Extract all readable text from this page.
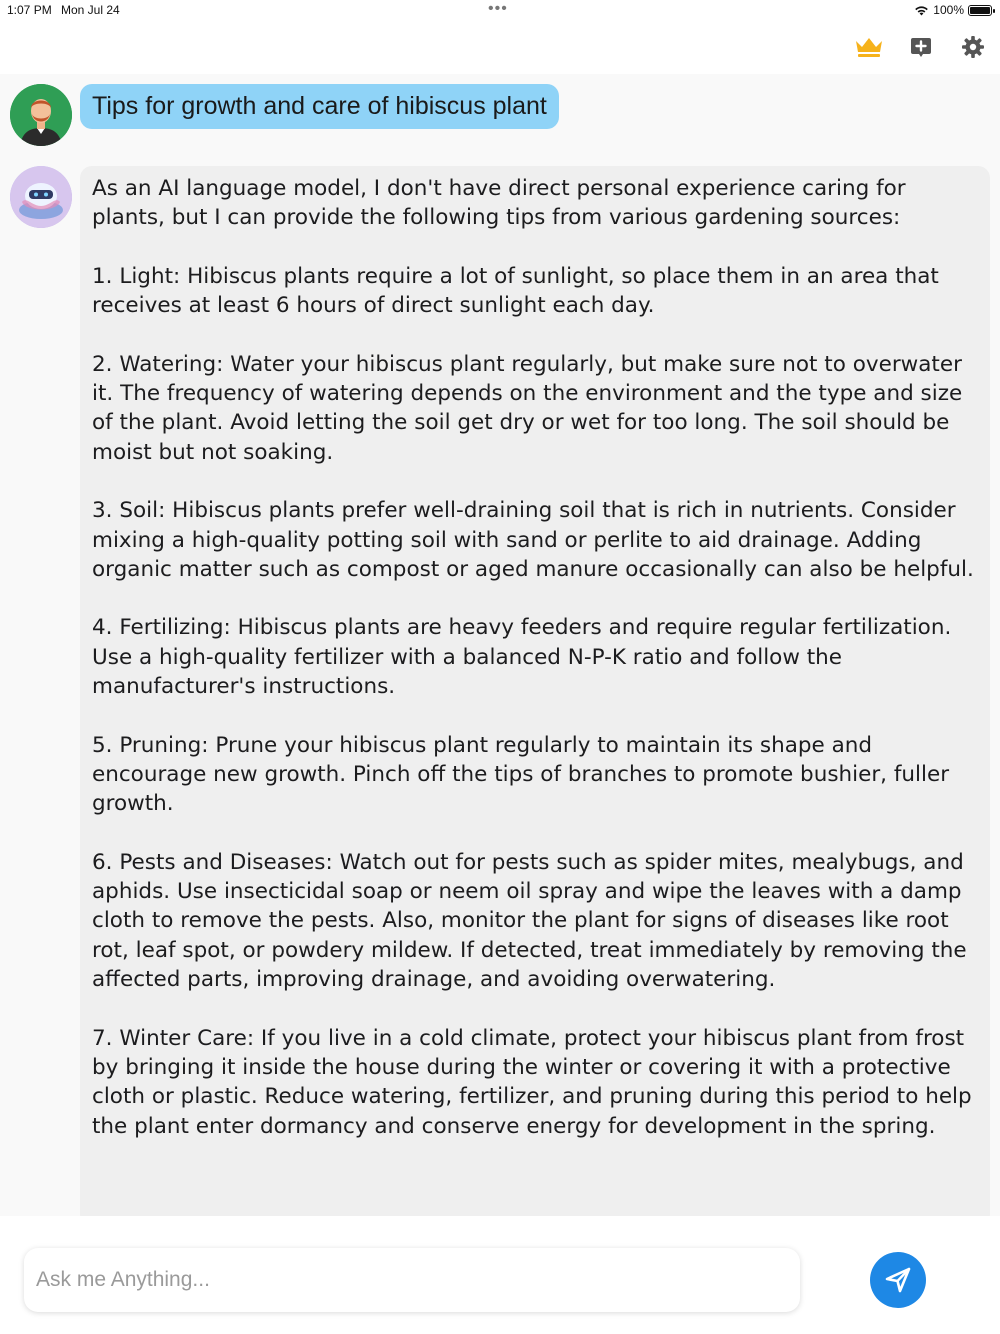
1:07 PM Mon Jul 24	•••	100%
Tips for growth and care of hibiscus plant

As an AI language model, I don't have direct personal experience caring for plants, but I can provide the following tips from various gardening sources:

1. Light: Hibiscus plants require a lot of sunlight, so place them in an area that receives at least 6 hours of direct sunlight each day.

2. Watering: Water your hibiscus plant regularly, but make sure not to overwater it. The frequency of watering depends on the environment and the type and size of the plant. Avoid letting the soil get dry or wet for too long. The soil should be moist but not soaking.

3. Soil: Hibiscus plants prefer well-draining soil that is rich in nutrients. Consider mixing a high-quality potting soil with sand or perlite to aid drainage. Adding organic matter such as compost or aged manure occasionally can also be helpful.

4. Fertilizing: Hibiscus plants are heavy feeders and require regular fertilization. Use a high-quality fertilizer with a balanced N-P-K ratio and follow the manufacturer's instructions.

5. Pruning: Prune your hibiscus plant regularly to maintain its shape and encourage new growth. Pinch off the tips of branches to promote bushier, fuller growth.

6. Pests and Diseases: Watch out for pests such as spider mites, mealybugs, and aphids. Use insecticidal soap or neem oil spray and wipe the leaves with a damp cloth to remove the pests. Also, monitor the plant for signs of diseases like root rot, leaf spot, or powdery mildew. If detected, treat immediately by removing the affected parts, improving drainage, and avoiding overwatering.

7. Winter Care: If you live in a cold climate, protect your hibiscus plant from frost by bringing it inside the house during the winter or covering it with a protective cloth or plastic. Reduce watering, fertilizer, and pruning during this period to help the plant enter dormancy and conserve energy for development in the spring.

Ask me Anything...
